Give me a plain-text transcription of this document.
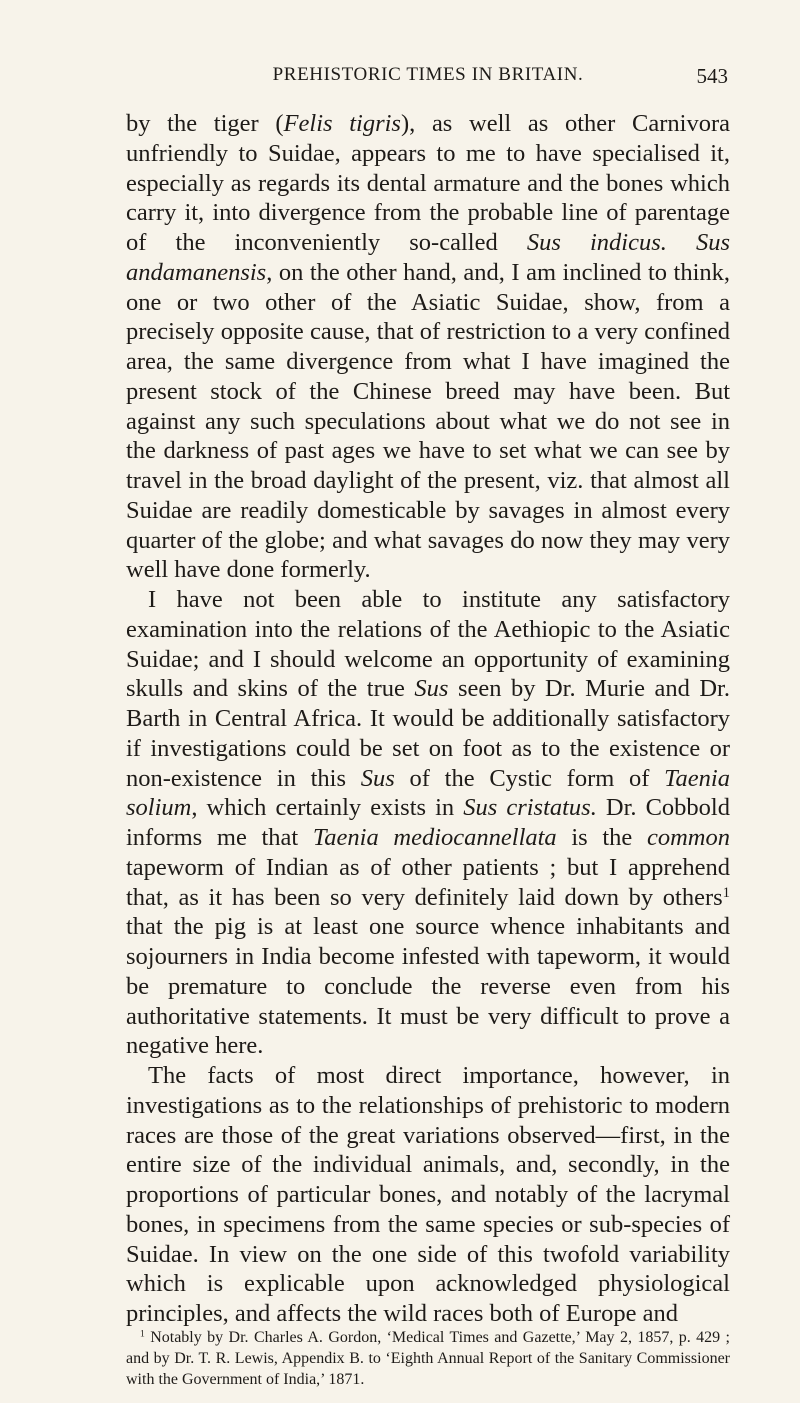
PREHISTORIC TIMES IN BRITAIN.	543

by the tiger (Felis tigris), as well as other Carnivora unfriendly to Suidae, appears to me to have specialised it, especially as regards its dental armature and the bones which carry it, into divergence from the probable line of parentage of the inconveniently so-called Sus indicus. Sus andamanensis, on the other hand, and, I am inclined to think, one or two other of the Asiatic Suidae, show, from a precisely opposite cause, that of restriction to a very confined area, the same divergence from what I have imagined the present stock of the Chinese breed may have been. But against any such speculations about what we do not see in the darkness of past ages we have to set what we can see by travel in the broad daylight of the present, viz. that almost all Suidae are readily domesticable by savages in almost every quarter of the globe; and what savages do now they may very well have done formerly.

I have not been able to institute any satisfactory examination into the relations of the Aethiopic to the Asiatic Suidae; and I should welcome an opportunity of examining skulls and skins of the true Sus seen by Dr. Murie and Dr. Barth in Central Africa. It would be additionally satisfactory if investigations could be set on foot as to the existence or non-existence in this Sus of the Cystic form of Taenia solium, which certainly exists in Sus cristatus. Dr. Cobbold informs me that Taenia mediocannellata is the common tapeworm of Indian as of other patients ; but I apprehend that, as it has been so very definitely laid down by others$^1$ that the pig is at least one source whence inhabitants and sojourners in India become infested with tapeworm, it would be premature to conclude the reverse even from his authoritative statements. It must be very difficult to prove a negative here.

The facts of most direct importance, however, in investigations as to the relationships of prehistoric to modern races are those of the great variations observed—first, in the entire size of the individual animals, and, secondly, in the proportions of particular bones, and notably of the lacrymal bones, in specimens from the same species or sub-species of Suidae. In view on the one side of this twofold variability which is explicable upon acknowledged physiological principles, and affects the wild races both of Europe and

$^1$ Notably by Dr. Charles A. Gordon, ‘Medical Times and Gazette,’ May 2, 1857, p. 429 ; and by Dr. T. R. Lewis, Appendix B. to ‘Eighth Annual Report of the Sanitary Commissioner with the Government of India,’ 1871.
